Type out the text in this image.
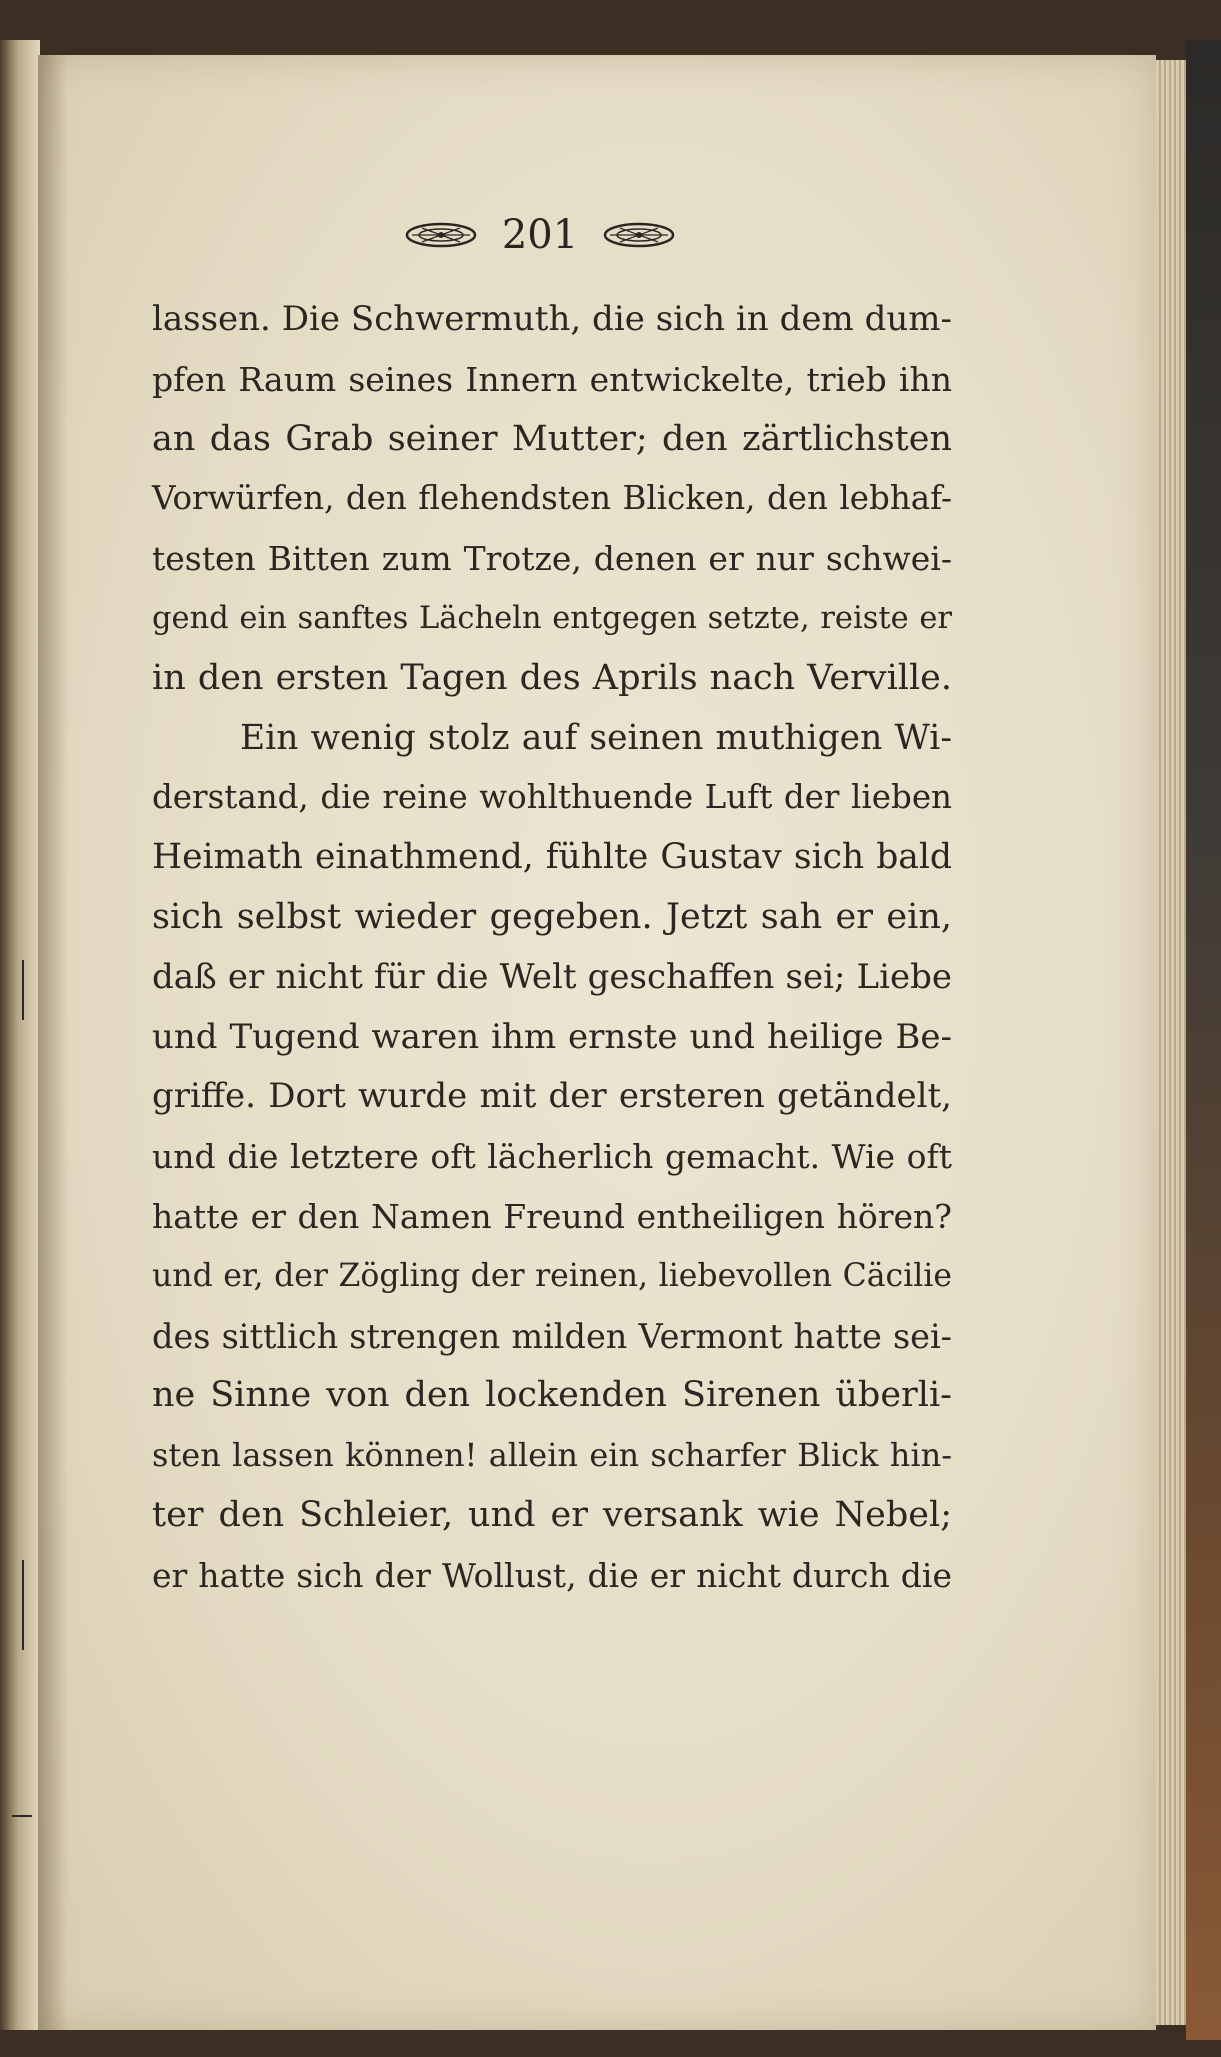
201
lassen. Die Schwermuth, die sich in dem dum-
pfen Raum seines Innern entwickelte, trieb ihn
an das Grab seiner Mutter; den zärtlichsten
Vorwürfen, den flehendsten Blicken, den lebhaf-
testen Bitten zum Trotze, denen er nur schwei-
gend ein sanftes Lächeln entgegen setzte, reiste er
in den ersten Tagen des Aprils nach Verville.
Ein wenig stolz auf seinen muthigen Wi-
derstand, die reine wohlthuende Luft der lieben
Heimath einathmend, fühlte Gustav sich bald
sich selbst wieder gegeben. Jetzt sah er ein,
daß er nicht für die Welt geschaffen sei; Liebe
und Tugend waren ihm ernste und heilige Be-
griffe. Dort wurde mit der ersteren getändelt,
und die letztere oft lächerlich gemacht. Wie oft
hatte er den Namen Freund entheiligen hören?
und er, der Zögling der reinen, liebevollen Cäcilie
des sittlich strengen milden Vermont hatte sei-
ne Sinne von den lockenden Sirenen überli-
sten lassen können! allein ein scharfer Blick hin-
ter den Schleier, und er versank wie Nebel;
er hatte sich der Wollust, die er nicht durch die
